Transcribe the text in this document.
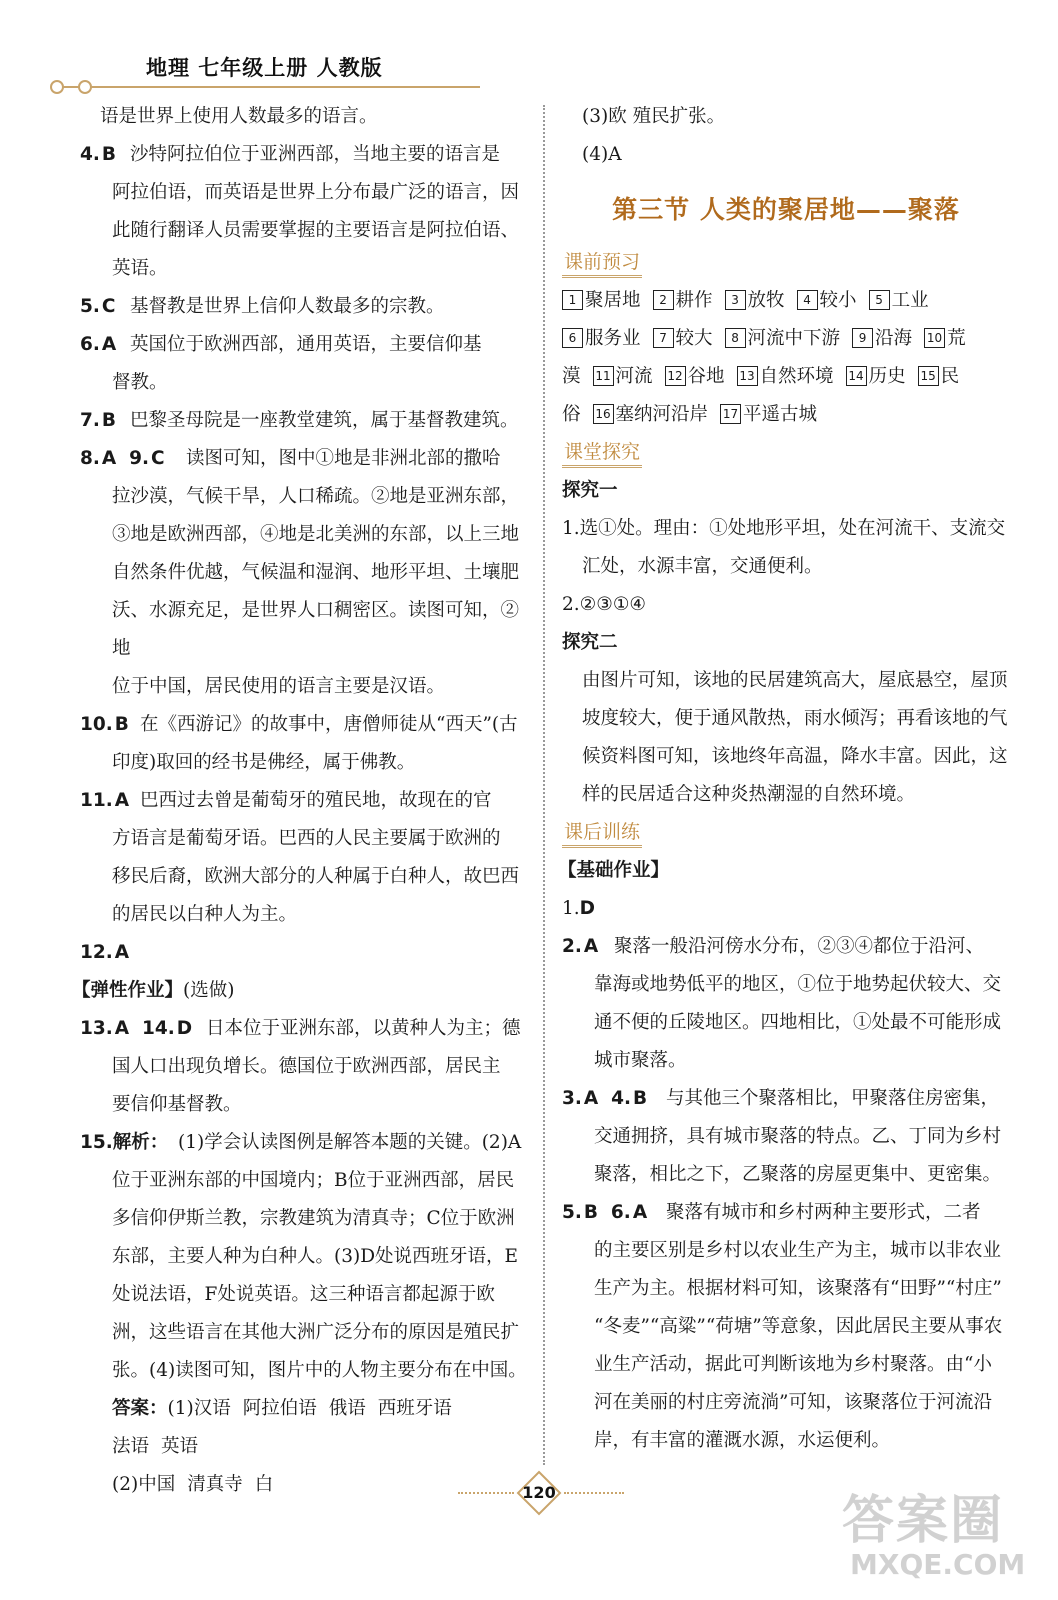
地理 七年级上册 人教版
语是世界上使用人数最多的语言。
4. B 沙特阿拉伯位于亚洲西部，当地主要的语言是
阿拉伯语，而英语是世界上分布最广泛的语言，因
此随行翻译人员需要掌握的主要语言是阿拉伯语、
英语。
5. C 基督教是世界上信仰人数最多的宗教。
6. A 英国位于欧洲西部，通用英语，主要信仰基
督教。
7. B 巴黎圣母院是一座教堂建筑，属于基督教建筑。
8. A 9. C	读图可知，图中①地是非洲北部的撒哈
拉沙漠，气候干旱，人口稀疏。②地是亚洲东部，
③地是欧洲西部，④地是北美洲的东部，以上三地
自然条件优越，气候温和湿润、地形平坦、土壤肥
沃、水源充足，是世界人口稠密区。读图可知，②地
位于中国，居民使用的语言主要是汉语。
10. B 在《西游记》的故事中，唐僧师徒从“西天”(古
印度)取回的经书是佛经，属于佛教。
11. A 巴西过去曾是葡萄牙的殖民地，故现在的官
方语言是葡萄牙语。巴西的人民主要属于欧洲的
移民后裔，欧洲大部分的人种属于白种人，故巴西
的居民以白种人为主。
12. A

【弹性作业】(选做)
13. A 14. D 日本位于亚洲东部，以黄种人为主；德
国人口出现负增长。德国位于欧洲西部，居民主
要信仰基督教。
15.解析： (1)学会认读图例是解答本题的关键。(2)A
位于亚洲东部的中国境内；B位于亚洲西部，居民
多信仰伊斯兰教，宗教建筑为清真寺；C位于欧洲
东部，主要人种为白种人。(3)D处说西班牙语，E
处说法语，F处说英语。这三种语言都起源于欧
洲，这些语言在其他大洲广泛分布的原因是殖民扩
张。(4)读图可知，图片中的人物主要分布在中国。
答案：(1)汉语 阿拉伯语 俄语 西班牙语
法语 英语
(2)中国 清真寺 白
(3)欧 殖民扩张。
(4)A
第三节 人类的聚居地——聚落
课前预习
1 聚居地 2 耕作 3 放牧 4 较小 5 工业
6 服务业 7 较大 8 河流中下游 9 沿海 10 荒
漠 11 河流 12 谷地 13 自然环境 14 历史 15 民
俗 16 塞纳河沿岸 17 平遥古城
课堂探究
探究一
1.选①处。理由：①处地形平坦，处在河流干、支流交
汇处，水源丰富，交通便利。
2.②③①④
探究二
由图片可知，该地的民居建筑高大，屋底悬空，屋顶
坡度较大，便于通风散热，雨水倾泻；再看该地的气
候资料图可知，该地终年高温，降水丰富。因此，这
样的民居适合这种炎热潮湿的自然环境。
课后训练
【基础作业】
1.D
2. A 聚落一般沿河傍水分布，②③④都位于沿河、
靠海或地势低平的地区，①位于地势起伏较大、交
通不便的丘陵地区。四地相比，①处最不可能形成
城市聚落。
3. A 4. B	与其他三个聚落相比，甲聚落住房密集，
交通拥挤，具有城市聚落的特点。乙、丁同为乡村
聚落，相比之下，乙聚落的房屋更集中、更密集。
5. B 6. A	聚落有城市和乡村两种主要形式，二者
的主要区别是乡村以农业生产为主，城市以非农业
生产为主。根据材料可知，该聚落有“田野”“村庄”
“冬麦”“高粱”“荷塘”等意象，因此居民主要从事农
业生产活动，据此可判断该地为乡村聚落。由“小
河在美丽的村庄旁流淌”可知，该聚落位于河流沿
岸，有丰富的灌溉水源，水运便利。
120	答案圈
MXQE.COM
